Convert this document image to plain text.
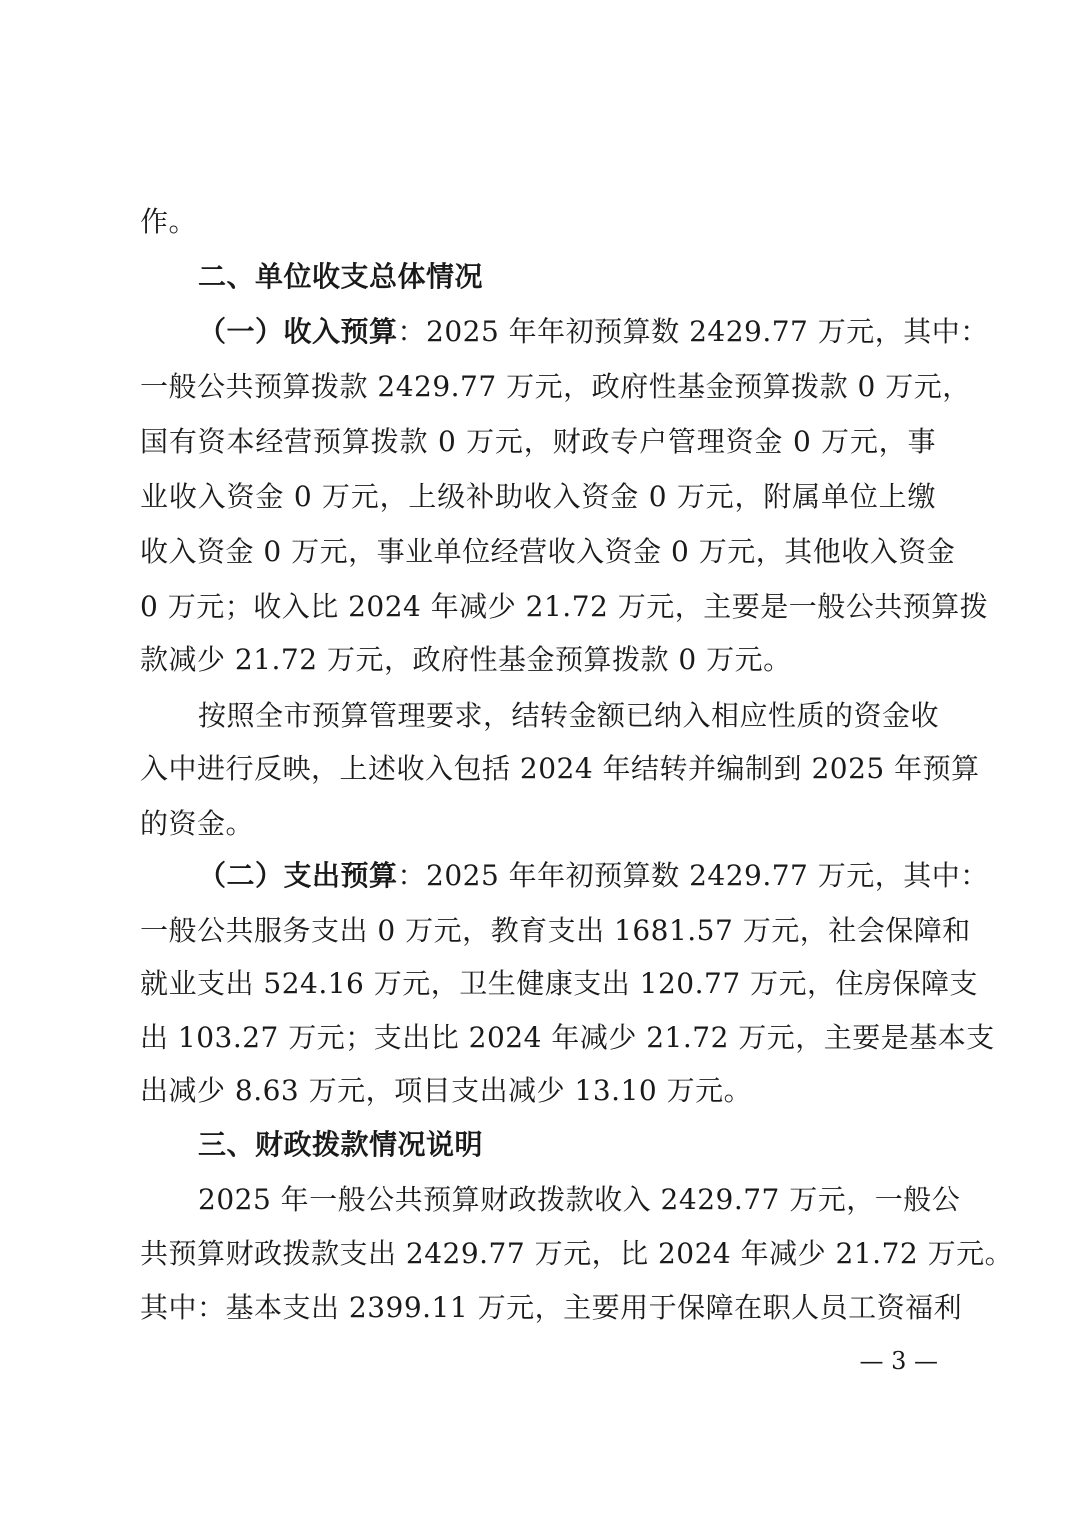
作。
二、单位收支总体情况
（一）收入预算：2025 年年初预算数 2429.77 万元，其中：
一般公共预算拨款 2429.77 万元，政府性基金预算拨款 0 万元，
国有资本经营预算拨款 0 万元，财政专户管理资金 0 万元，事
业收入资金 0 万元，上级补助收入资金 0 万元，附属单位上缴
收入资金 0 万元，事业单位经营收入资金 0 万元，其他收入资金
0 万元；收入比 2024 年减少 21.72 万元，主要是一般公共预算拨
款减少 21.72 万元，政府性基金预算拨款 0 万元。
按照全市预算管理要求，结转金额已纳入相应性质的资金收
入中进行反映，上述收入包括 2024 年结转并编制到 2025 年预算
的资金。
（二）支出预算：2025 年年初预算数 2429.77 万元，其中：
一般公共服务支出 0 万元，教育支出 1681.57 万元，社会保障和
就业支出 524.16 万元，卫生健康支出 120.77 万元，住房保障支
出 103.27 万元；支出比 2024 年减少 21.72 万元，主要是基本支
出减少 8.63 万元，项目支出减少 13.10 万元。
三、财政拨款情况说明
2025 年一般公共预算财政拨款收入 2429.77 万元，一般公
共预算财政拨款支出 2429.77 万元，比 2024 年减少 21.72 万元。
其中：基本支出 2399.11 万元，主要用于保障在职人员工资福利
— 3 —
